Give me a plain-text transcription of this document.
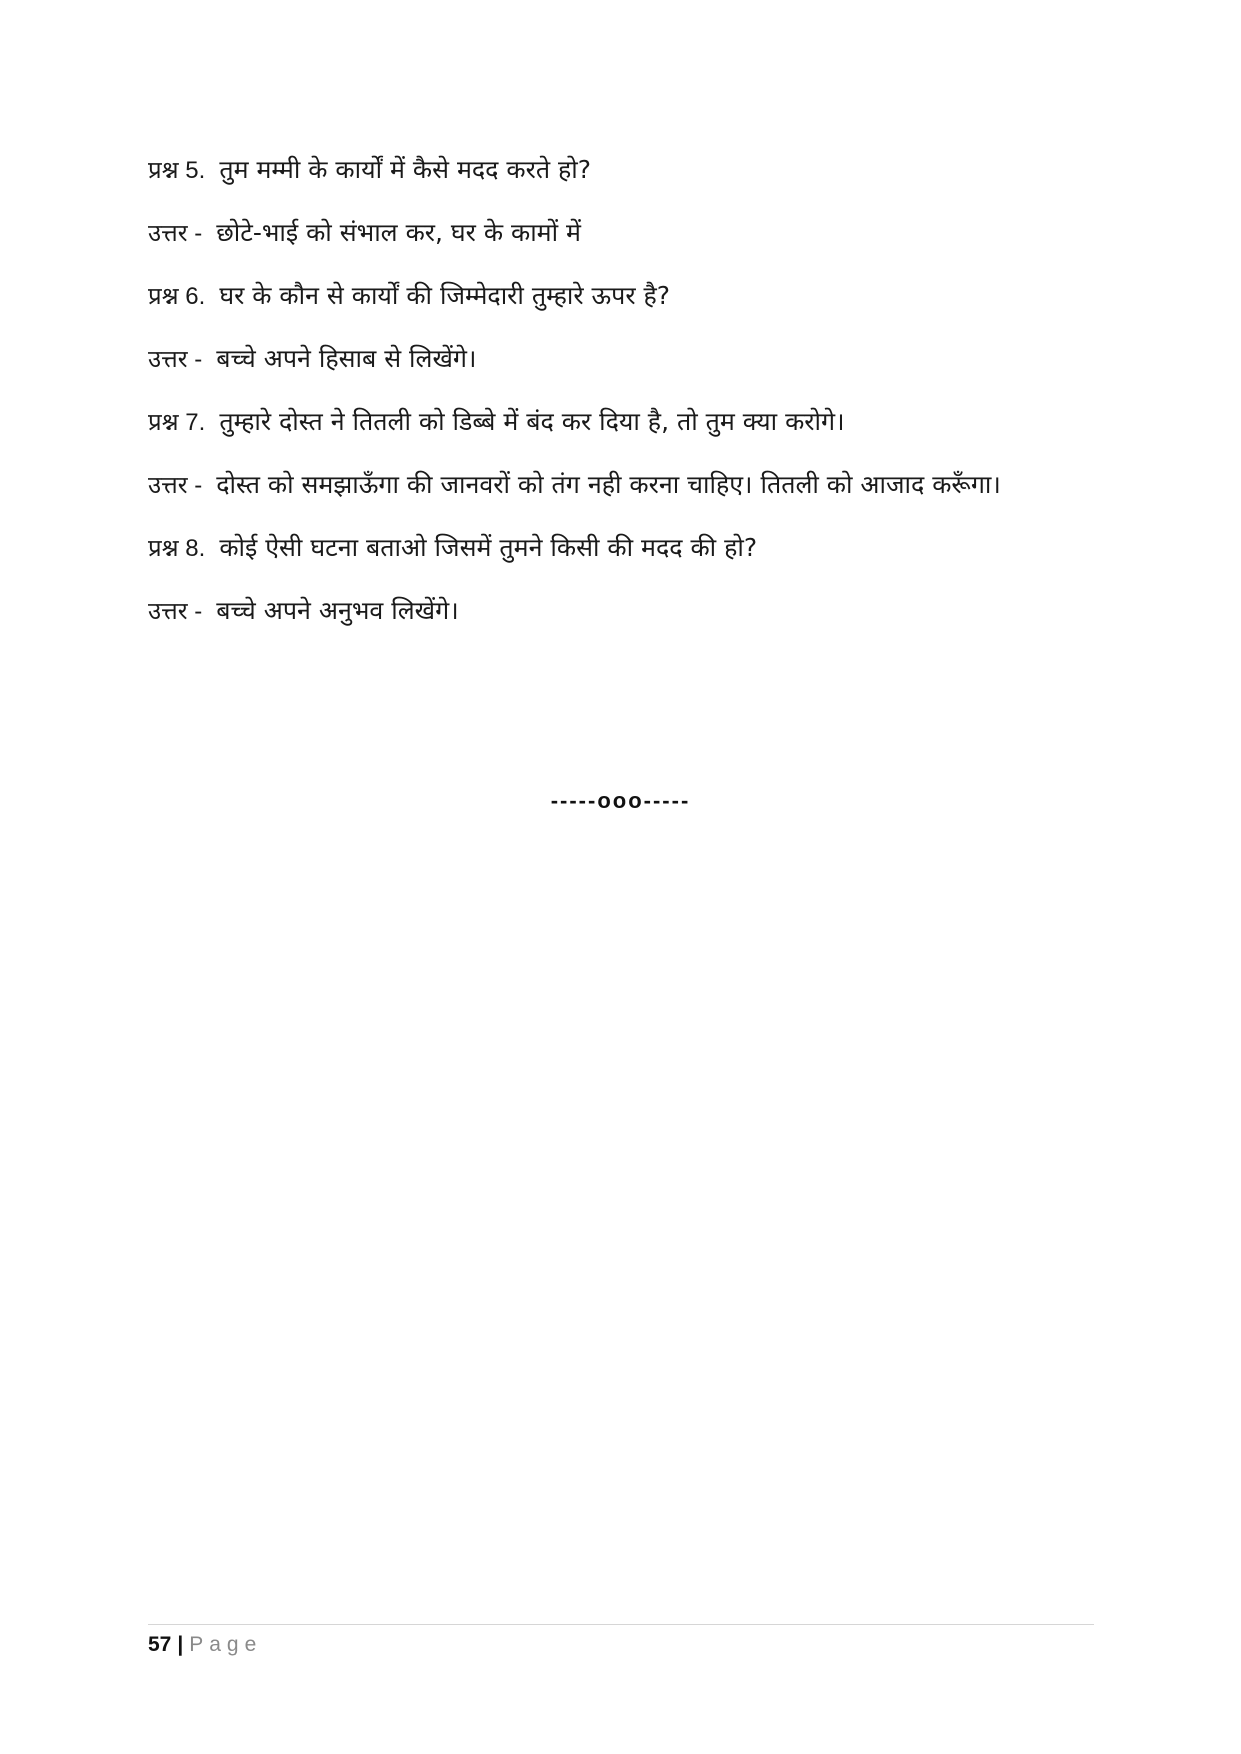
प्रश्न 5. तुम मम्मी के कार्यों में कैसे मदद करते हो?
उत्तर - छोटे-भाई को संभाल कर, घर के कामों में
प्रश्न 6. घर के कौन से कार्यों की जिम्मेदारी तुम्हारे ऊपर है?
उत्तर - बच्चे अपने हिसाब से लिखेंगे।
प्रश्न 7. तुम्हारे दोस्त ने तितली को डिब्बे में बंद कर दिया है, तो तुम क्या करोगे।
उत्तर - दोस्त को समझाऊँगा की जानवरों को तंग नही करना चाहिए। तितली को आजाद करूँगा।
प्रश्न 8. कोई ऐसी घटना बताओ जिसमें तुमने किसी की मदद की हो?
उत्तर - बच्चे अपने अनुभव लिखेंगे।
-----ooo-----
57 | Page
